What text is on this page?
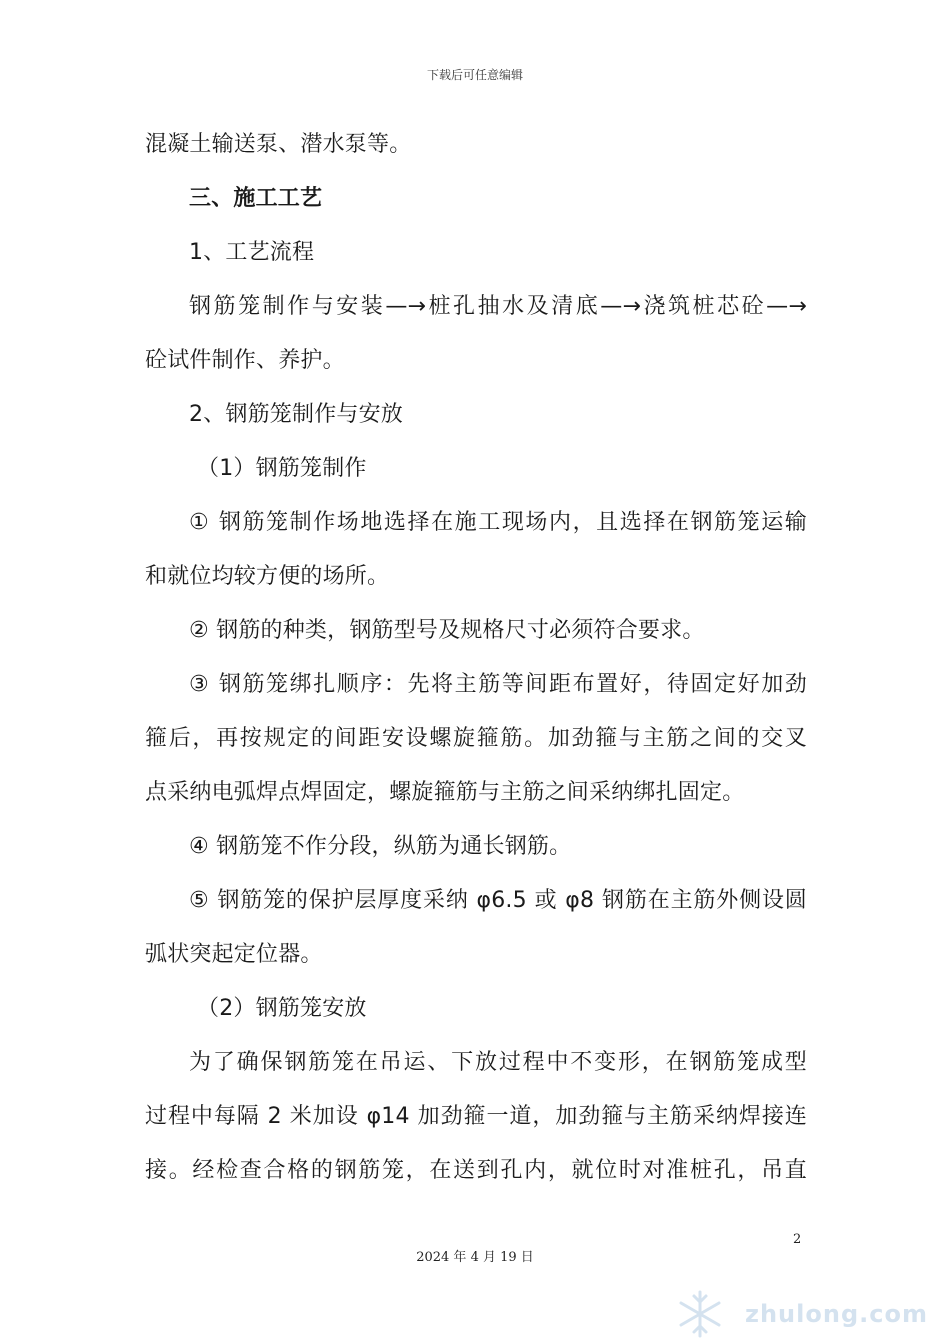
下载后可任意编辑
混凝土输送泵、潜水泵等。
三、施工工艺
1、工艺流程
钢筋笼制作与安装—→桩孔抽水及清底—→浇筑桩芯砼—→
砼试件制作、养护。
2、钢筋笼制作与安放
（1）钢筋笼制作
① 钢筋笼制作场地选择在施工现场内，且选择在钢筋笼运输
和就位均较方便的场所。
② 钢筋的种类，钢筋型号及规格尺寸必须符合要求。
③ 钢筋笼绑扎顺序：先将主筋等间距布置好，待固定好加劲
箍后，再按规定的间距安设螺旋箍筋。加劲箍与主筋之间的交叉
点采纳电弧焊点焊固定，螺旋箍筋与主筋之间采纳绑扎固定。
④ 钢筋笼不作分段，纵筋为通长钢筋。
⑤ 钢筋笼的保护层厚度采纳 φ6.5 或 φ8 钢筋在主筋外侧设圆
弧状突起定位器。
（2）钢筋笼安放
为了确保钢筋笼在吊运、下放过程中不变形，在钢筋笼成型
过程中每隔 2 米加设 φ14 加劲箍一道，加劲箍与主筋采纳焊接连
接。经检查合格的钢筋笼，在送到孔内，就位时对准桩孔，吊直
2
2024 年 4 月 19 日
zhulong.com
